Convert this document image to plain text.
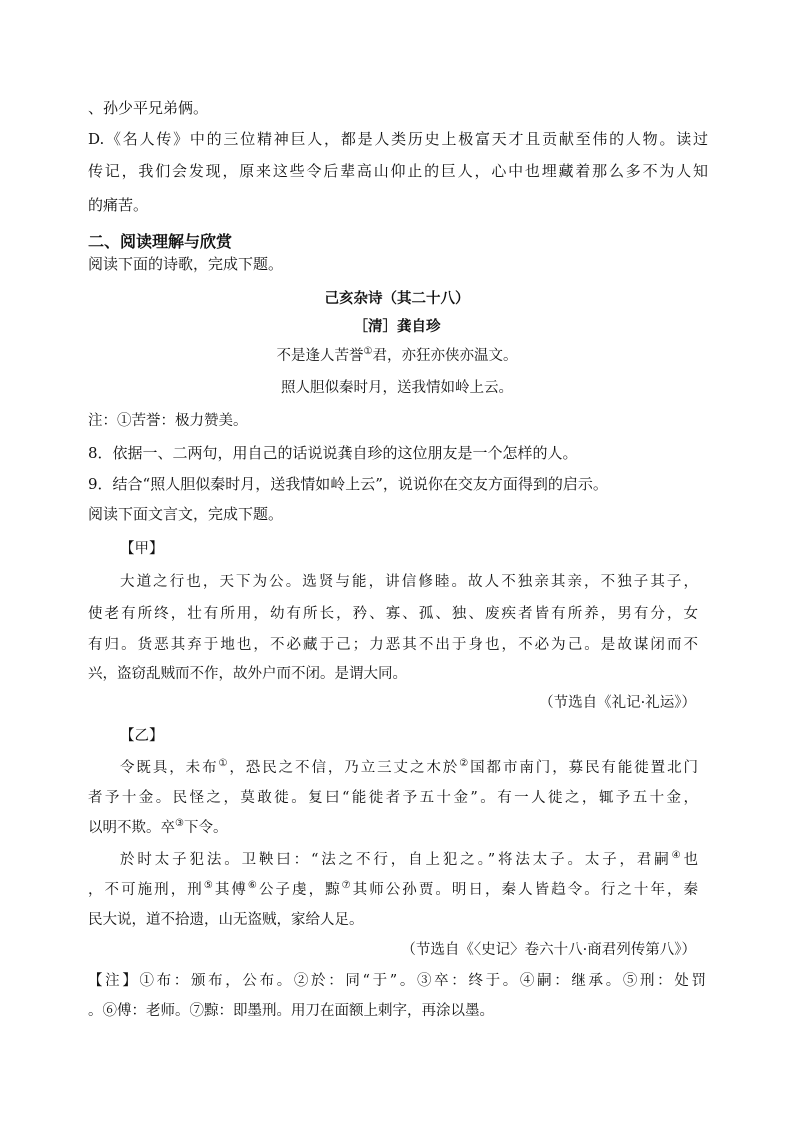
、孙少平兄弟俩。
D.《名人传》中的三位精神巨人，都是人类历史上极富天才且贡献至伟的人物。读过
传记，我们会发现，原来这些令后辈高山仰止的巨人，心中也埋藏着那么多不为人知
的痛苦。
二、阅读理解与欣赏
阅读下面的诗歌，完成下题。
己亥杂诗（其二十八）
［清］龚自珍
不是逢人苦誉①君，亦狂亦侠亦温文。
照人胆似秦时月，送我情如岭上云。
注：①苦誉：极力赞美。
8．依据一、二两句，用自己的话说说龚自珍的这位朋友是一个怎样的人。
9．结合“照人胆似秦时月，送我情如岭上云”，说说你在交友方面得到的启示。
阅读下面文言文，完成下题。
【甲】
大道之行也，天下为公。选贤与能，讲信修睦。故人不独亲其亲，不独子其子，
使老有所终，壮有所用，幼有所长，矜、寡、孤、独、废疾者皆有所养，男有分，女
有归。货恶其弃于地也，不必藏于己；力恶其不出于身也，不必为己。是故谋闭而不
兴，盗窃乱贼而不作，故外户而不闭。是谓大同。
（节选自《礼记·礼运》）
【乙】
令既具，未布①，恐民之不信，乃立三丈之木於②国都市南门，募民有能徙置北门
者予十金。民怪之，莫敢徙。复曰“能徙者予五十金”。有一人徙之，辄予五十金，
以明不欺。卒③下令。
於时太子犯法。卫鞅曰：“法之不行，自上犯之。”将法太子。太子，君嗣④也
，不可施刑，刑⑤其傅⑥公子虔，黥⑦其师公孙贾。明日，秦人皆趋令。行之十年，秦
民大说，道不拾遗，山无盗贼，家给人足。
（节选自《〈史记〉卷六十八·商君列传第八》）
【注】①布：颁布，公布。②於：同“于”。③卒：终于。④嗣：继承。⑤刑：处罚
。⑥傅：老师。⑦黥：即墨刑。用刀在面额上刺字，再涂以墨。
